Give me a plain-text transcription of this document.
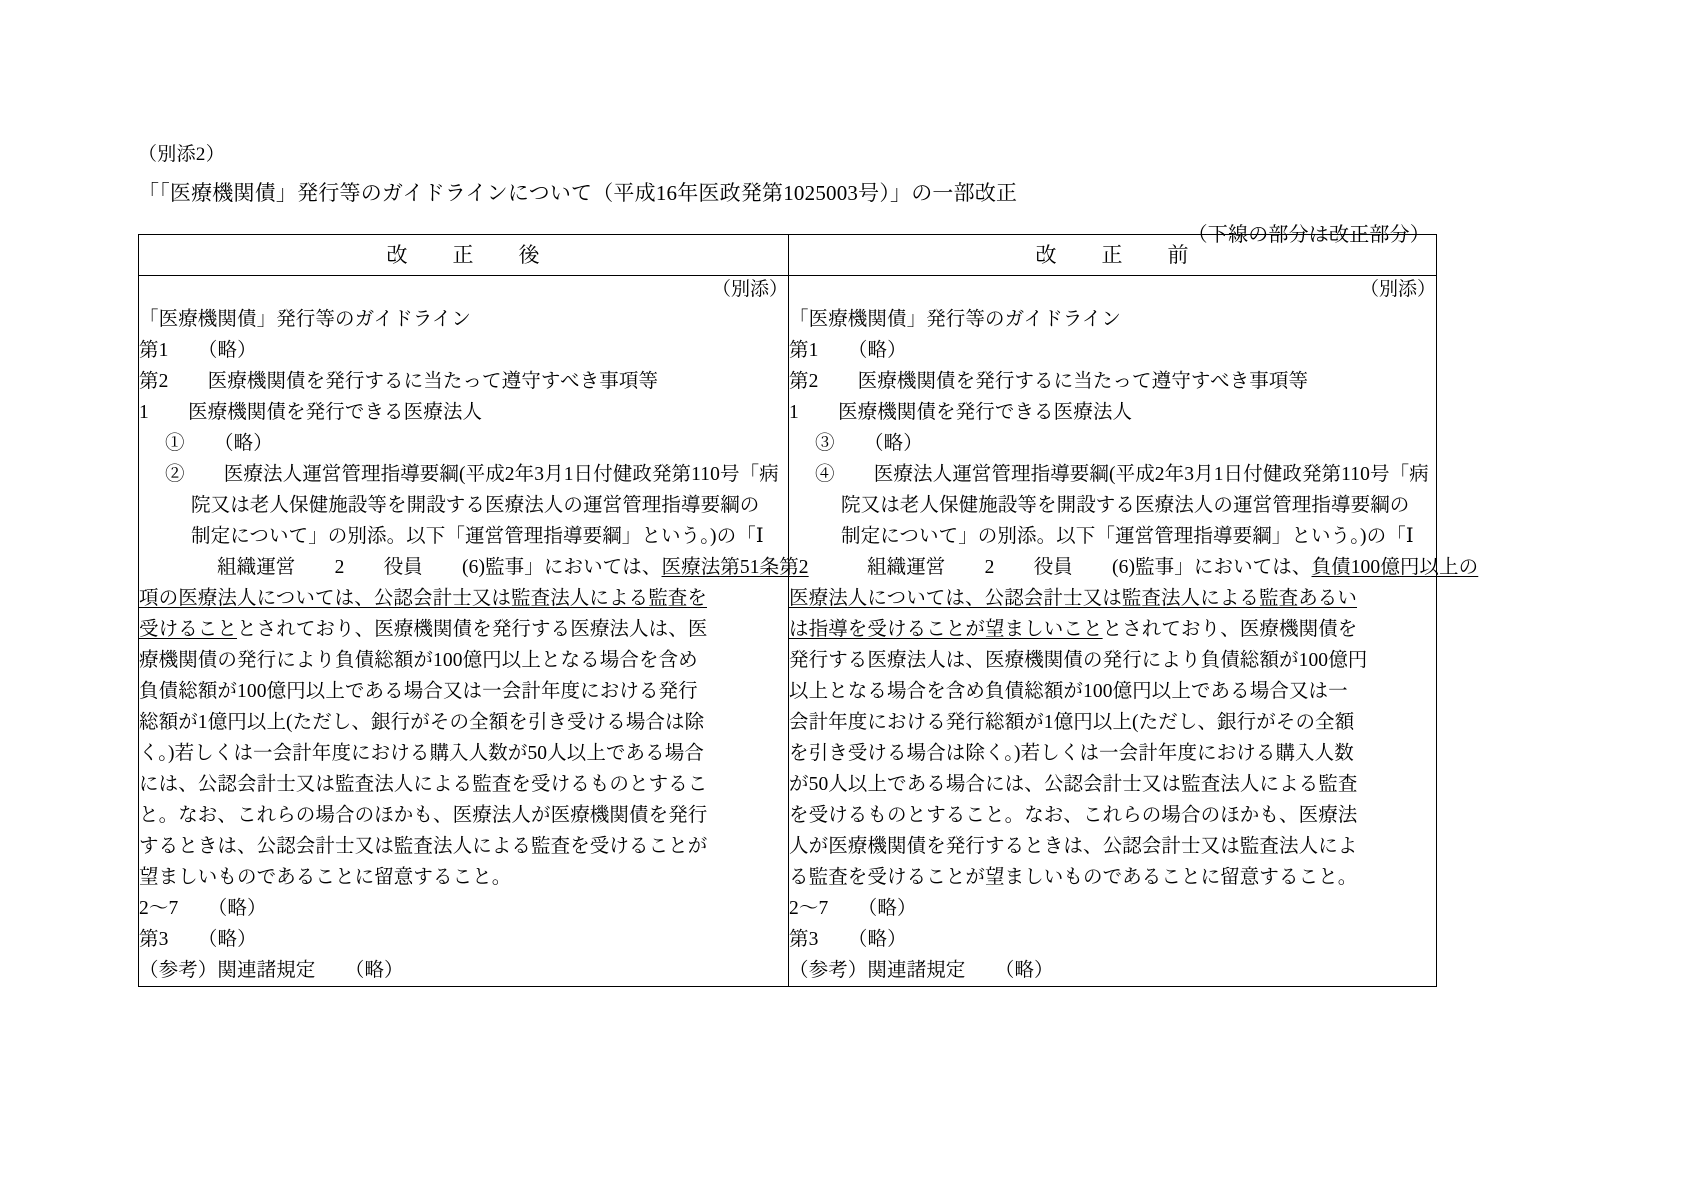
（別添2）
「「医療機関債」発行等のガイドラインについて（平成16年医政発第1025003号）」の一部改正
（下線の部分は改正部分）
改　　正　　後	改　　正　　前

（別添）
「医療機関債」発行等のガイドライン
第1　　（略）
第2　　医療機関債を発行するに当たって遵守すべき事項等
1　　医療機関債を発行できる医療法人
①　　（略）
②　　医療法人運営管理指導要綱(平成2年3月1日付健政発第110号「病
院又は老人保健施設等を開設する医療法人の運営管理指導要綱の
制定について」の別添。以下「運営管理指導要綱」という。)の「Ⅰ
組織運営　　2　　役員　　(6)監事」においては、医療法第51条第2
項の医療法人については、公認会計士又は監査法人による監査を
受けることとされており、医療機関債を発行する医療法人は、医
療機関債の発行により負債総額が100億円以上となる場合を含め
負債総額が100億円以上である場合又は一会計年度における発行
総額が1億円以上(ただし、銀行がその全額を引き受ける場合は除
く。)若しくは一会計年度における購入人数が50人以上である場合
には、公認会計士又は監査法人による監査を受けるものとするこ
と。なお、これらの場合のほかも、医療法人が医療機関債を発行
するときは、公認会計士又は監査法人による監査を受けることが
望ましいものであることに留意すること。
2〜7　　（略）
第3　　（略）
（参考）関連諸規定　　（略）

（別添）
「医療機関債」発行等のガイドライン
第1　　（略）
第2　　医療機関債を発行するに当たって遵守すべき事項等
1　　医療機関債を発行できる医療法人
③　　（略）
④　　医療法人運営管理指導要綱(平成2年3月1日付健政発第110号「病
院又は老人保健施設等を開設する医療法人の運営管理指導要綱の
制定について」の別添。以下「運営管理指導要綱」という。)の「Ⅰ
組織運営　　2　　役員　　(6)監事」においては、負債100億円以上の
医療法人については、公認会計士又は監査法人による監査あるい
は指導を受けることが望ましいこととされており、医療機関債を
発行する医療法人は、医療機関債の発行により負債総額が100億円
以上となる場合を含め負債総額が100億円以上である場合又は一
会計年度における発行総額が1億円以上(ただし、銀行がその全額
を引き受ける場合は除く。)若しくは一会計年度における購入人数
が50人以上である場合には、公認会計士又は監査法人による監査
を受けるものとすること。なお、これらの場合のほかも、医療法
人が医療機関債を発行するときは、公認会計士又は監査法人によ
る監査を受けることが望ましいものであることに留意すること。
2〜7　　（略）
第3　　（略）
（参考）関連諸規定　　（略）
